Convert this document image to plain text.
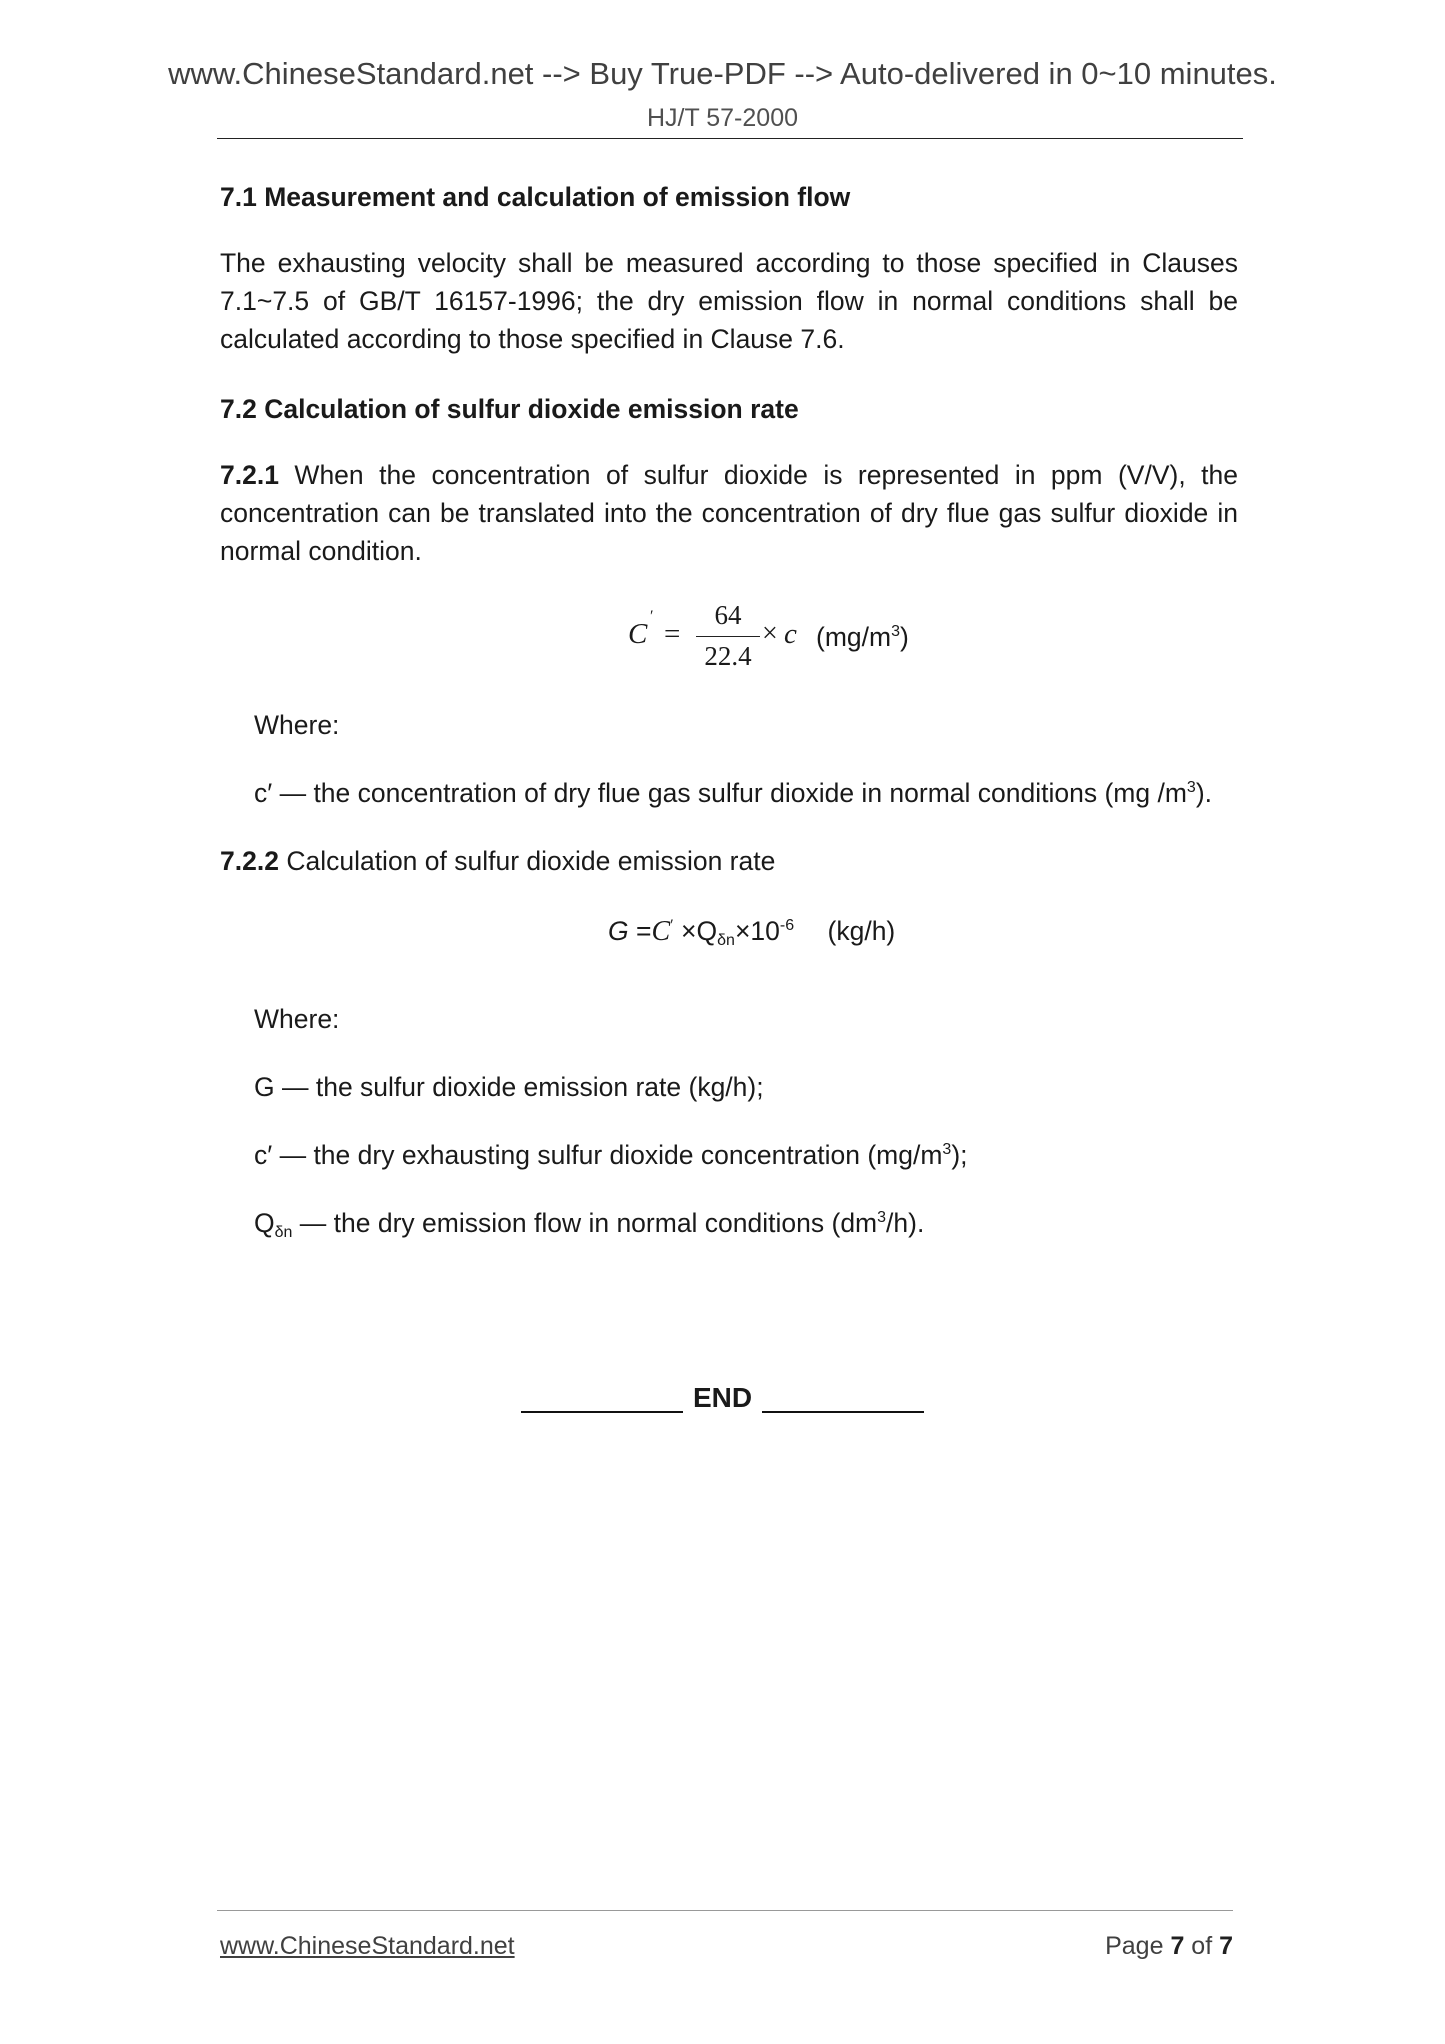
www.ChineseStandard.net --> Buy True-PDF --> Auto-delivered in 0~10 minutes.
HJ/T 57-2000
7.1 Measurement and calculation of emission flow
The exhausting velocity shall be measured according to those specified in Clauses 7.1~7.5 of GB/T 16157-1996; the dry emission flow in normal conditions shall be calculated according to those specified in Clause 7.6.
7.2 Calculation of sulfur dioxide emission rate
7.2.1 When the concentration of sulfur dioxide is represented in ppm (V/V), the concentration can be translated into the concentration of dry flue gas sulfur dioxide in normal condition.
C
′
=
64
22.4
× c $(mg/m^3)$
Where:
c′ — the concentration of dry flue gas sulfur dioxide in normal conditions (mg $/m^3$).
7.2.2 Calculation of sulfur dioxide emission rate
$G =C' \times Q_{\delta n}\times 10^{-6}$ (kg/h)
Where:
G — the sulfur dioxide emission rate (kg/h);
c′ — the dry exhausting sulfur dioxide concentration $(mg/m^3)$;
$Q_{\delta n}$ — the dry emission flow in normal conditions $(dm^3/h)$.
END
www.ChineseStandard.net	Page 7 of 7
